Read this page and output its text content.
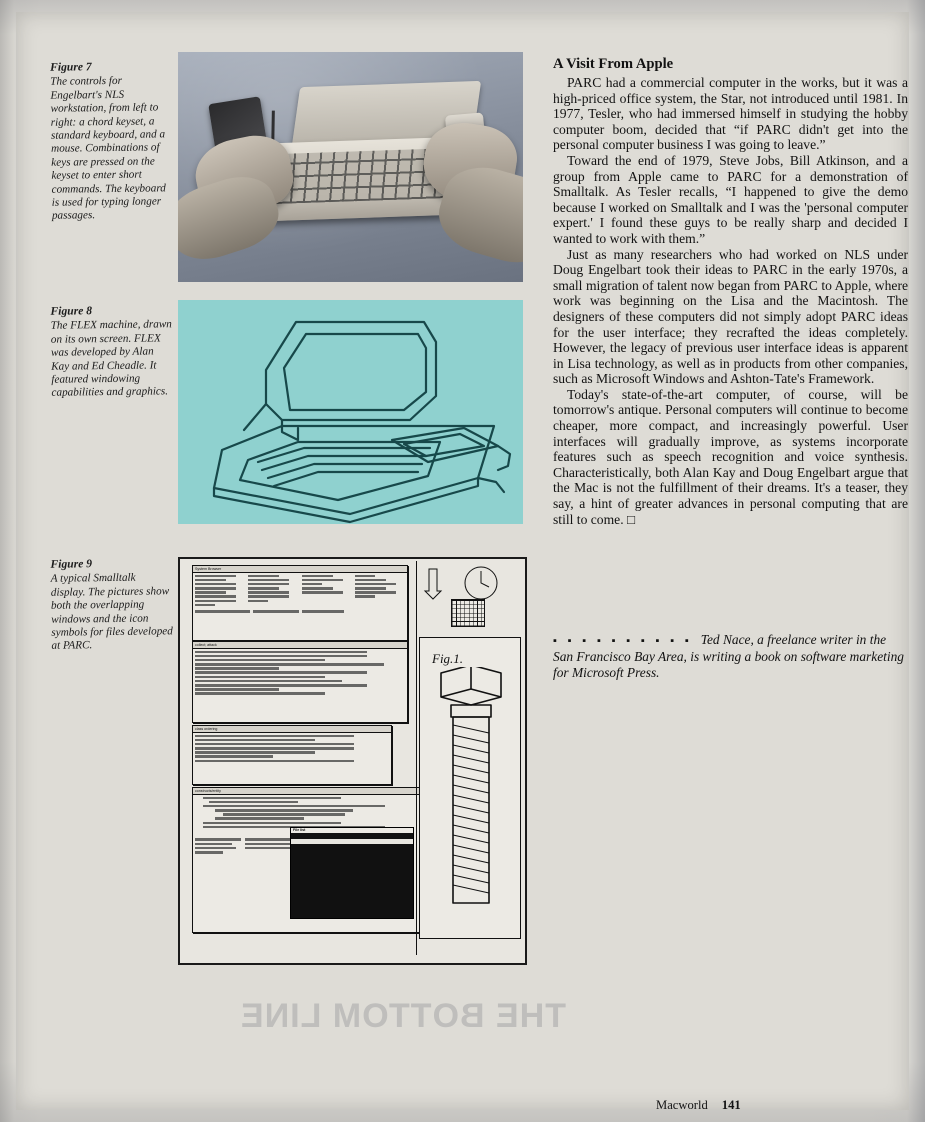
Figure 7
The controls for Engelbart's NLS workstation, from left to right: a chord keyset, a standard keyboard, and a mouse. Combinations of keys are pressed on the keyset to enter short commands. The keyboard is used for typing longer passages.
Figure 8
The FLEX machine, drawn on its own screen. FLEX was developed by Alan Kay and Ed Cheadle. It featured windowing capabilities and graphics.
Figure 9
A typical Smalltalk display. The pictures show both the overlapping windows and the icon symbols for files developed at PARC.
System Browser
collect; attack
class ordering
constructs/entity
File list

Fig.1.
A Visit From Apple

PARC had a commercial computer in the works, but it was a high-priced office system, the Star, not introduced until 1981. In 1977, Tesler, who had immersed himself in studying the hobby computer boom, decided that “if PARC didn't get into the personal computer business I was going to leave.”

Toward the end of 1979, Steve Jobs, Bill Atkinson, and a group from Apple came to PARC for a demonstration of Smalltalk. As Tesler recalls, “I happened to give the demo because I worked on Smalltalk and I was the 'personal computer expert.' I found these guys to be really sharp and decided I wanted to work with them.”

Just as many researchers who had worked on NLS under Doug Engelbart took their ideas to PARC in the early 1970s, a small migration of talent now began from PARC to Apple, where work was beginning on the Lisa and the Macintosh. The designers of these computers did not simply adopt PARC ideas for the user interface; they recrafted the ideas completely. However, the legacy of previous user interface ideas is apparent in Lisa technology, as well as in products from other companies, such as Microsoft Windows and Ashton-Tate's Framework.

Today's state-of-the-art computer, of course, will be tomorrow's antique. Personal computers will continue to become cheaper, more compact, and increasingly powerful. User interfaces will gradually improve, as systems incorporate features such as speech recognition and voice synthesis. Characteristically, both Alan Kay and Doug Engelbart argue that the Mac is not the fulfillment of their dreams. It's a teaser, they say, a hint of greater advances in personal computing that are still to come. □

▪ ▪ ▪ ▪ ▪ ▪ ▪ ▪ ▪ ▪ Ted Nace, a freelance writer in the San Francisco Bay Area, is writing a book on software marketing for Microsoft Press.
THE BOTTOM LINE
Macworld 141
